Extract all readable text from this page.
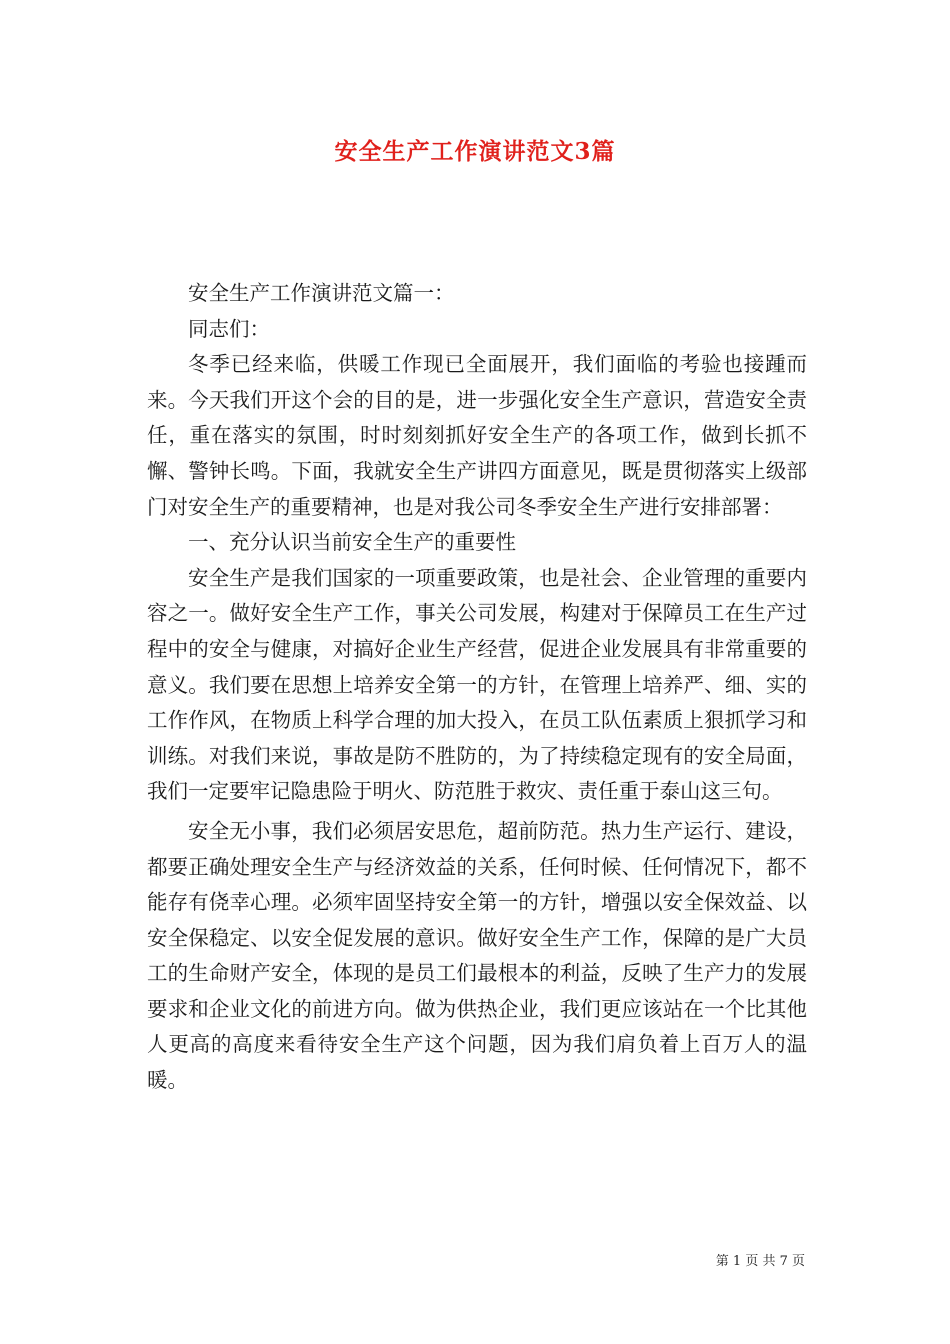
安全生产工作演讲范文3篇

安全生产工作演讲范文篇一：

同志们：

冬季已经来临，供暖工作现已全面展开，我们面临的考验也接踵而来。今天我们开这个会的目的是，进一步强化安全生产意识，营造安全责任，重在落实的氛围，时时刻刻抓好安全生产的各项工作，做到长抓不懈、警钟长鸣。下面，我就安全生产讲四方面意见，既是贯彻落实上级部门对安全生产的重要精神，也是对我公司冬季安全生产进行安排部署：

一、充分认识当前安全生产的重要性

安全生产是我们国家的一项重要政策，也是社会、企业管理的重要内容之一。做好安全生产工作，事关公司发展，构建对于保障员工在生产过程中的安全与健康，对搞好企业生产经营，促进企业发展具有非常重要的意义。我们要在思想上培养安全第一的方针，在管理上培养严、细、实的工作作风，在物质上科学合理的加大投入，在员工队伍素质上狠抓学习和训练。对我们来说，事故是防不胜防的，为了持续稳定现有的安全局面，我们一定要牢记隐患险于明火、防范胜于救灾、责任重于泰山这三句。

安全无小事，我们必须居安思危，超前防范。热力生产运行、建设，都要正确处理安全生产与经济效益的关系，任何时候、任何情况下，都不能存有侥幸心理。必须牢固坚持安全第一的方针，增强以安全保效益、以安全保稳定、以安全促发展的意识。做好安全生产工作，保障的是广大员工的生命财产安全，体现的是员工们最根本的利益，反映了生产力的发展要求和企业文化的前进方向。做为供热企业，我们更应该站在一个比其他人更高的高度来看待安全生产这个问题，因为我们肩负着上百万人的温暖。

第 1 页 共 7 页
